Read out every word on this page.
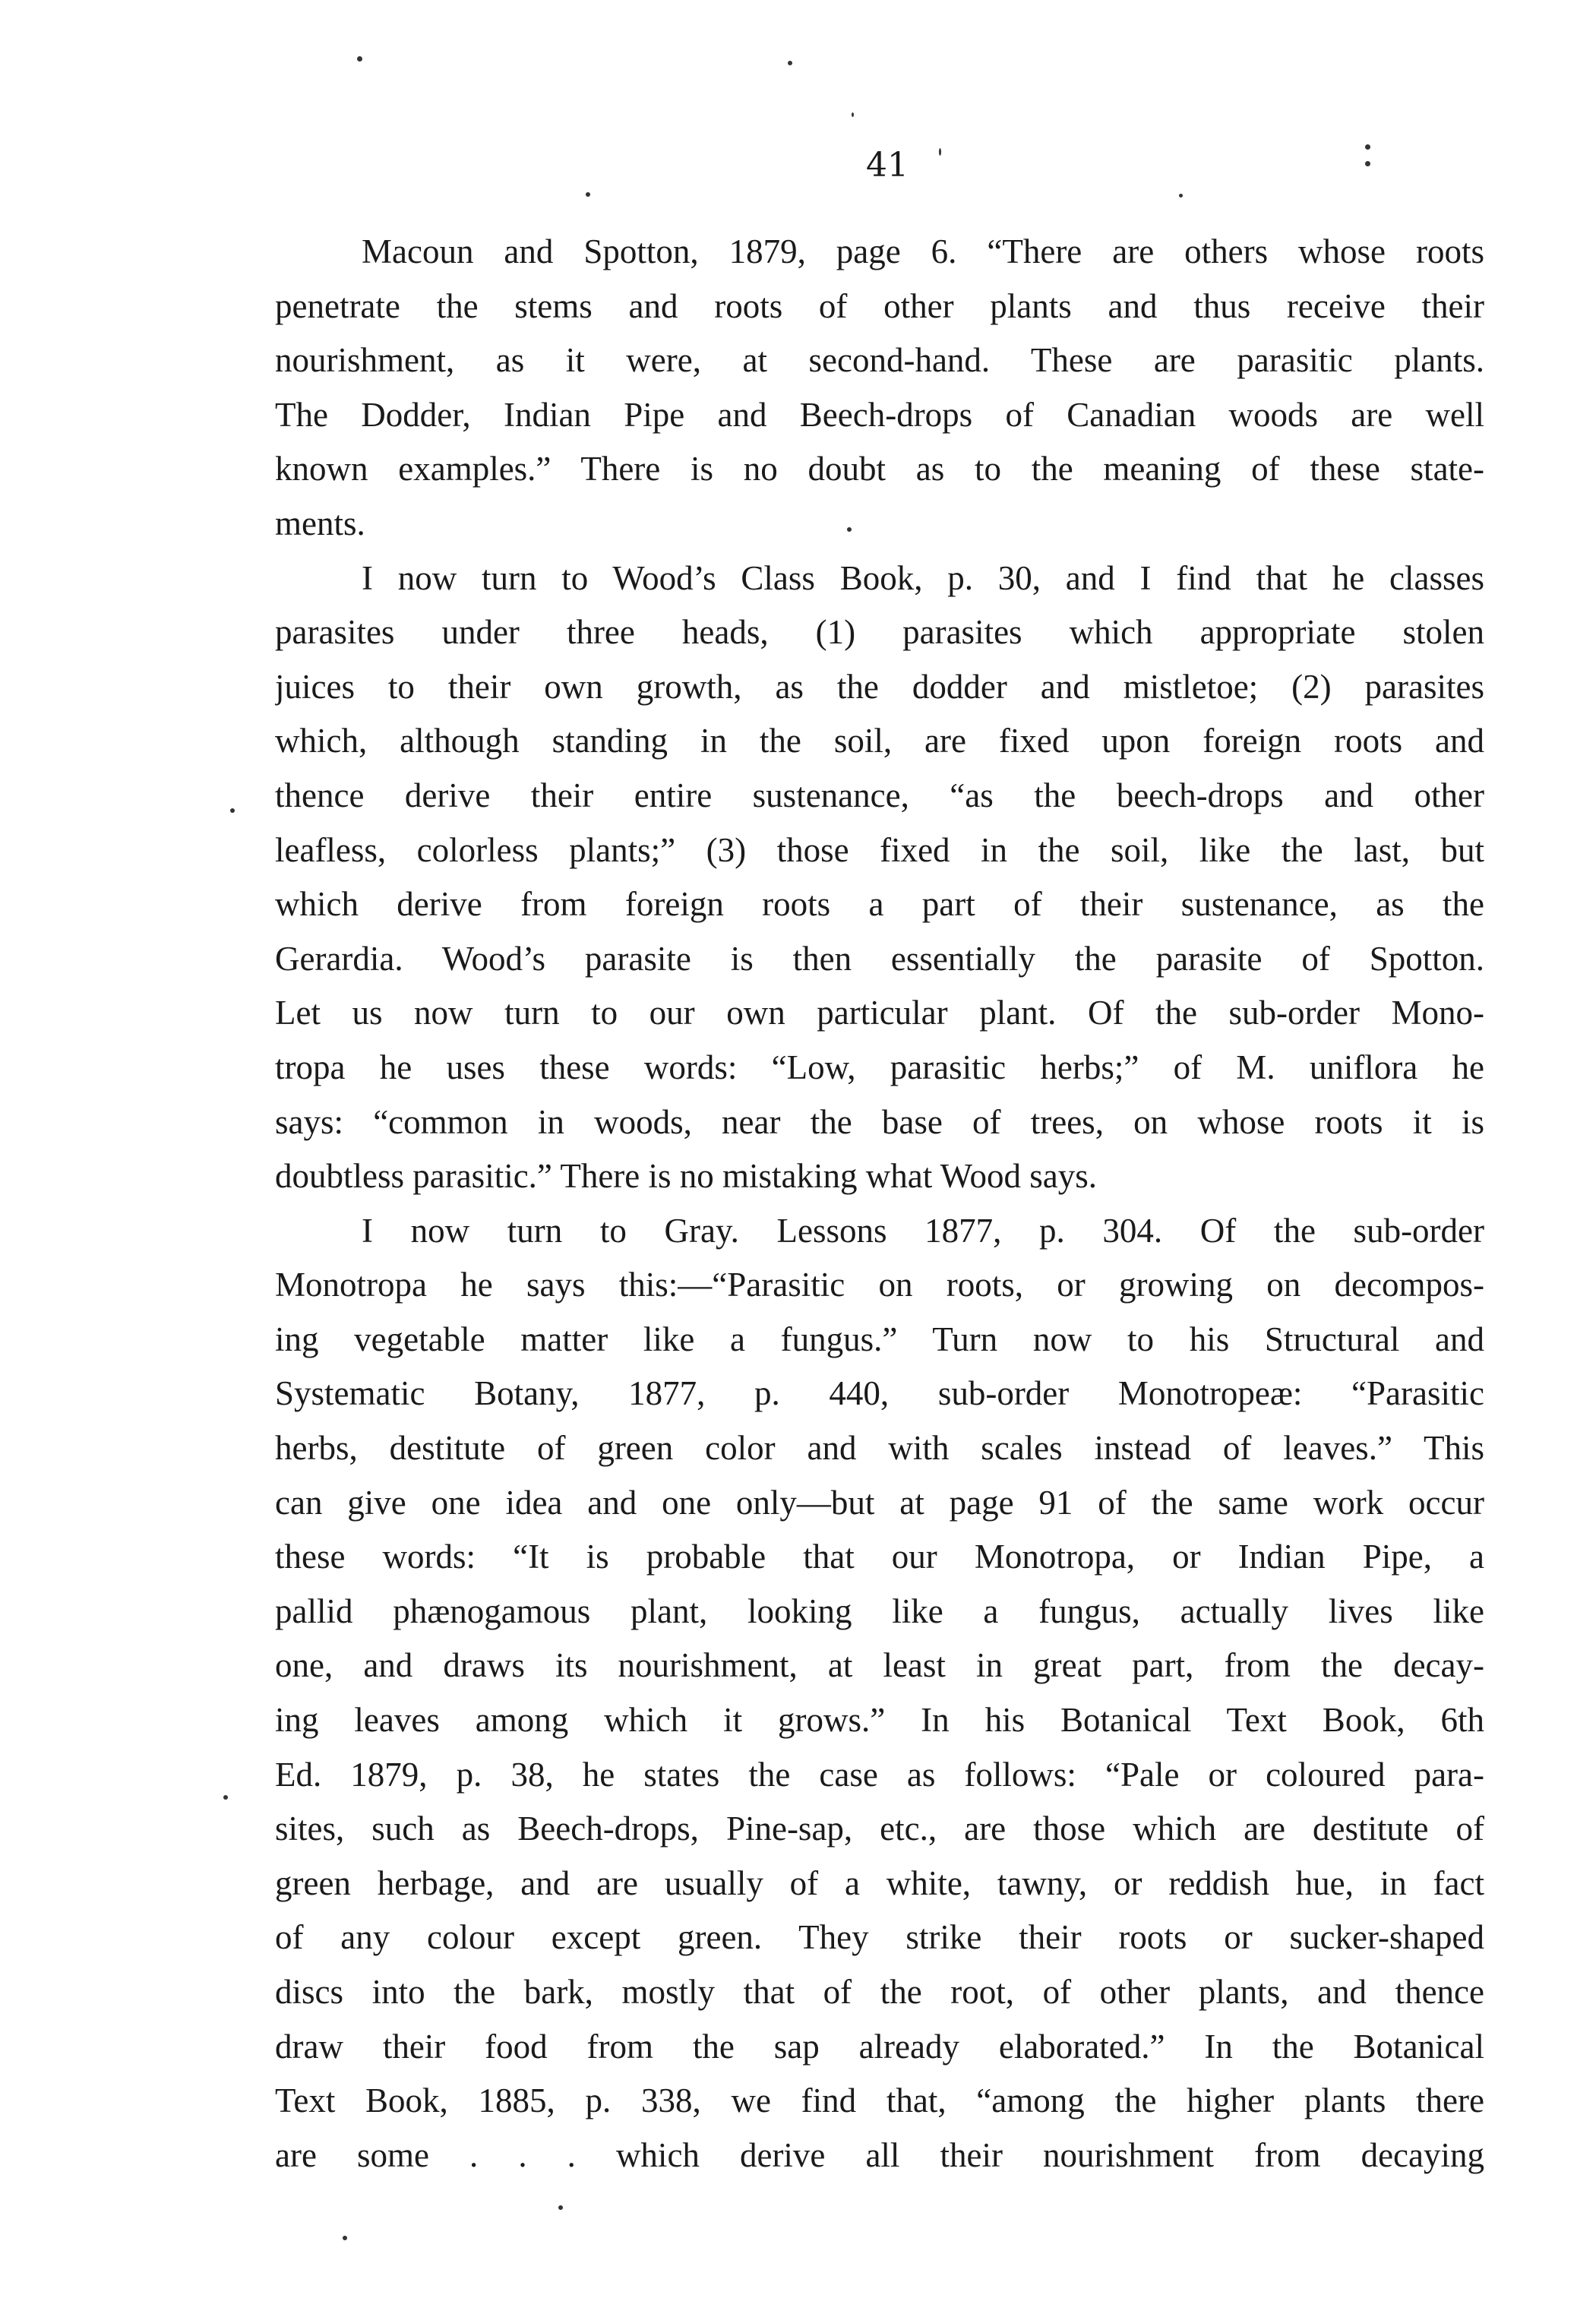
41
Macoun and Spotton, 1879, page 6. “There are others whose roots
penetrate the stems and roots of other plants and thus receive their
nourishment, as it were, at second-hand. These are parasitic plants.
The Dodder, Indian Pipe and Beech-drops of Canadian woods are well
known examples.” There is no doubt as to the meaning of these state-
ments.
I now turn to Wood’s Class Book, p. 30, and I find that he classes
parasites under three heads, (1) parasites which appropriate stolen
juices to their own growth, as the dodder and mistletoe; (2) parasites
which, although standing in the soil, are fixed upon foreign roots and
thence derive their entire sustenance, “as the beech-drops and other
leafless, colorless plants;” (3) those fixed in the soil, like the last, but
which derive from foreign roots a part of their sustenance, as the
Gerardia. Wood’s parasite is then essentially the parasite of Spotton.
Let us now turn to our own particular plant. Of the sub-order Mono-
tropa he uses these words: “Low, parasitic herbs;” of M. uniflora he
says: “common in woods, near the base of trees, on whose roots it is
doubtless parasitic.” There is no mistaking what Wood says.
I now turn to Gray. Lessons 1877, p. 304. Of the sub-order
Monotropa he says this:—“Parasitic on roots, or growing on decompos-
ing vegetable matter like a fungus.” Turn now to his Structural and
Systematic Botany, 1877, p. 440, sub-order Monotropeæ: “Parasitic
herbs, destitute of green color and with scales instead of leaves.” This
can give one idea and one only—but at page 91 of the same work occur
these words: “It is probable that our Monotropa, or Indian Pipe, a
pallid phænogamous plant, looking like a fungus, actually lives like
one, and draws its nourishment, at least in great part, from the decay-
ing leaves among which it grows.” In his Botanical Text Book, 6th
Ed. 1879, p. 38, he states the case as follows: “Pale or coloured para-
sites, such as Beech-drops, Pine-sap, etc., are those which are destitute of
green herbage, and are usually of a white, tawny, or reddish hue, in fact
of any colour except green. They strike their roots or sucker-shaped
discs into the bark, mostly that of the root, of other plants, and thence
draw their food from the sap already elaborated.” In the Botanical
Text Book, 1885, p. 338, we find that, “among the higher plants there
are some . . . which derive all their nourishment from decaying
